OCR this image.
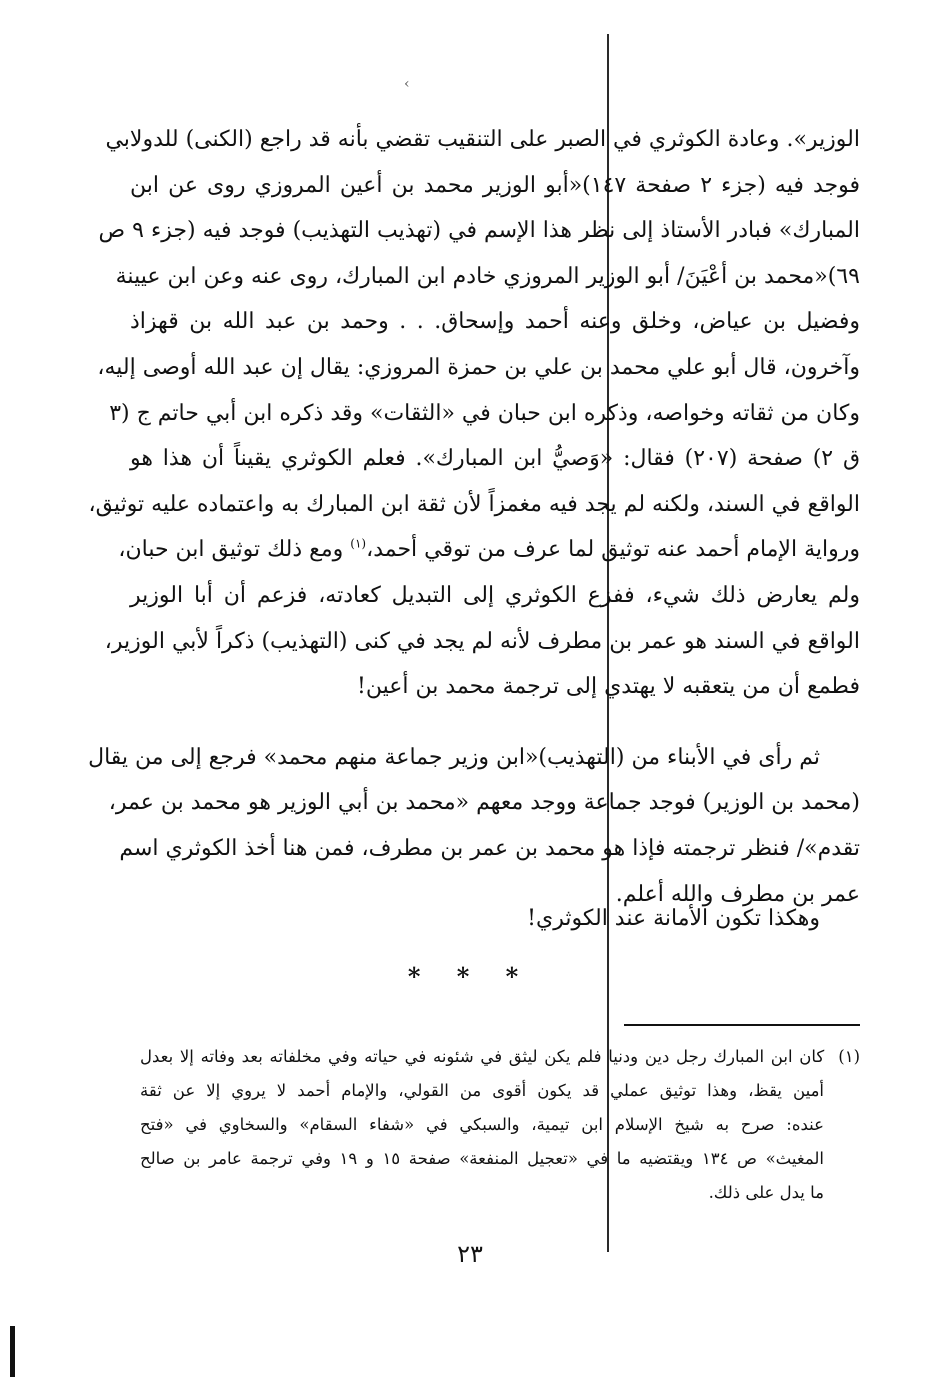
‹
الوزير». وعادة الكوثري في الصبر على التنقيب تقضي بأنه قد راجع (الكنى) للدولابي
فوجد فيه (جزء ٢ صفحة ١٤٧)«أبو الوزير محمد بن أعين المروزي روى عن ابن
المبارك» فبادر الأستاذ إلى نظر هذا الإسم في (تهذيب التهذيب) فوجد فيه (جزء ٩ ص
٦٩)«محمد بن أعْيَنَ/ أبو الوزير المروزي خادم ابن المبارك، روى عنه وعن ابن عيينة
وفضيل بن عياض، وخلق وعنه أحمد وإسحاق. . . وحمد بن عبد الله بن قهزاذ
وآخرون، قال أبو علي محمد بن علي بن حمزة المروزي: يقال إن عبد الله أوصى إليه،
وكان من ثقاته وخواصه، وذكره ابن حبان في «الثقات» وقد ذكره ابن أبي حاتم ج (٣
ق ٢) صفحة (٢٠٧) فقال: «وَصيُّ ابن المبارك». فعلم الكوثري يقيناً أن هذا هو
الواقع في السند، ولكنه لم يجد فيه مغمزاً لأن ثقة ابن المبارك به واعتماده عليه توثيق،
ورواية الإمام أحمد عنه توثيق لما عرف من توقي أحمد،$^{(١)}$ ومع ذلك توثيق ابن حبان،
ولم يعارض ذلك شيء، ففزع الكوثري إلى التبديل كعادته، فزعم أن أبا الوزير
الواقع في السند هو عمر بن مطرف لأنه لم يجد في كنى (التهذيب) ذكراً لأبي الوزير،
فطمع أن من يتعقبه لا يهتدي إلى ترجمة محمد بن أعين!
ثم رأى في الأبناء من (التهذيب)«ابن وزير جماعة منهم محمد» فرجع إلى من يقال
(محمد بن الوزير) فوجد جماعة ووجد معهم «محمد بن أبي الوزير هو محمد بن عمر،
تقدم»/ فنظر ترجمته فإذا هو محمد بن عمر بن مطرف، فمن هنا أخذ الكوثري اسم
عمر بن مطرف والله أعلم.
وهكذا تكون الأمانة عند الكوثري!
* * *
(١)كان ابن المبارك رجل دين ودنيا فلم يكن ليثق في شئونه في حياته وفي مخلفاته بعد وفاته إلا بعدل
أمين يقظ، وهذا توثيق عملي قد يكون أقوى من القولي، والإمام أحمد لا يروي إلا عن ثقة
عنده: صرح به شيخ الإسلام ابن تيمية، والسبكي في «شفاء السقام» والسخاوي في «فتح
المغيث» ص ١٣٤ ويقتضيه ما في «تعجيل المنفعة» صفحة ١٥ و ١٩ وفي ترجمة عامر بن صالح
ما يدل على ذلك.
٢٣
